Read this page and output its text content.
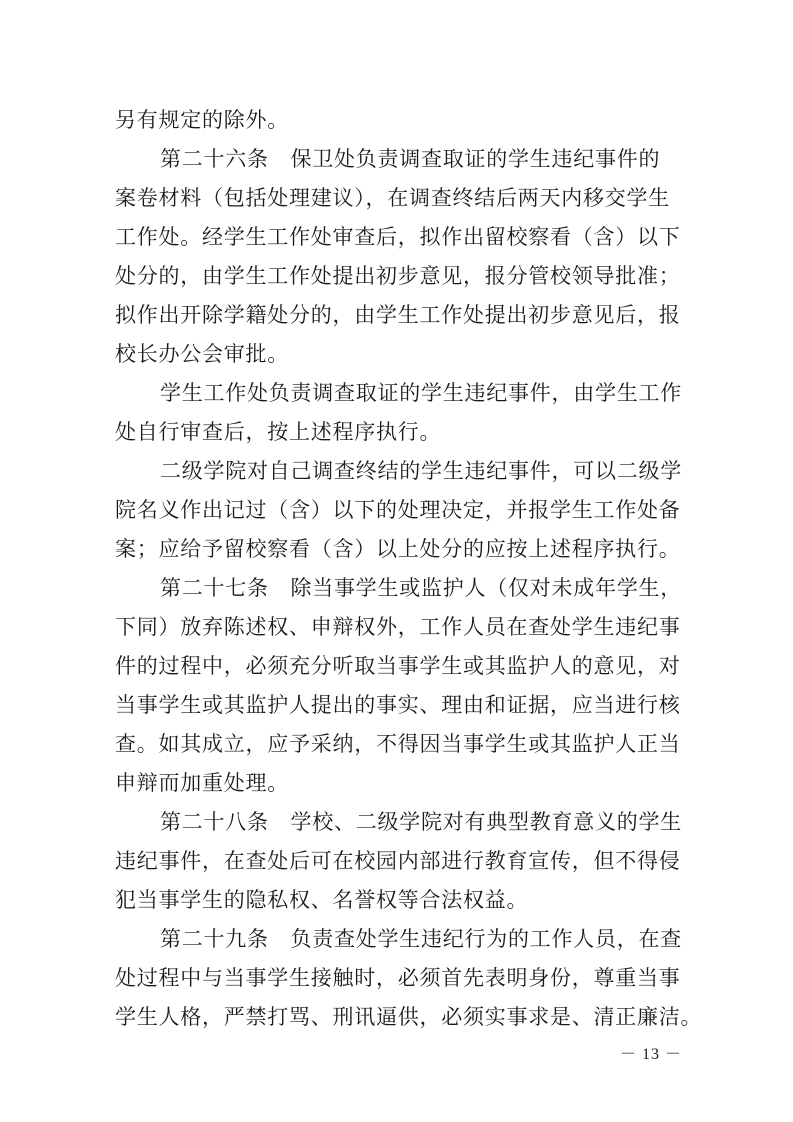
另有规定的除外。
第二十六条　保卫处负责调查取证的学生违纪事件的
案卷材料（包括处理建议），在调查终结后两天内移交学生
工作处。经学生工作处审查后，拟作出留校察看（含）以下
处分的，由学生工作处提出初步意见，报分管校领导批准；
拟作出开除学籍处分的，由学生工作处提出初步意见后，报
校长办公会审批。
学生工作处负责调查取证的学生违纪事件，由学生工作
处自行审查后，按上述程序执行。
二级学院对自己调查终结的学生违纪事件，可以二级学
院名义作出记过（含）以下的处理决定，并报学生工作处备
案；应给予留校察看（含）以上处分的应按上述程序执行。
第二十七条　除当事学生或监护人（仅对未成年学生，
下同）放弃陈述权、申辩权外，工作人员在查处学生违纪事
件的过程中，必须充分听取当事学生或其监护人的意见，对
当事学生或其监护人提出的事实、理由和证据，应当进行核
查。如其成立，应予采纳，不得因当事学生或其监护人正当
申辩而加重处理。
第二十八条　学校、二级学院对有典型教育意义的学生
违纪事件，在查处后可在校园内部进行教育宣传，但不得侵
犯当事学生的隐私权、名誉权等合法权益。
第二十九条　负责查处学生违纪行为的工作人员，在查
处过程中与当事学生接触时，必须首先表明身份，尊重当事
学生人格，严禁打骂、刑讯逼供，必须实事求是、清正廉洁。
－ 13 －
